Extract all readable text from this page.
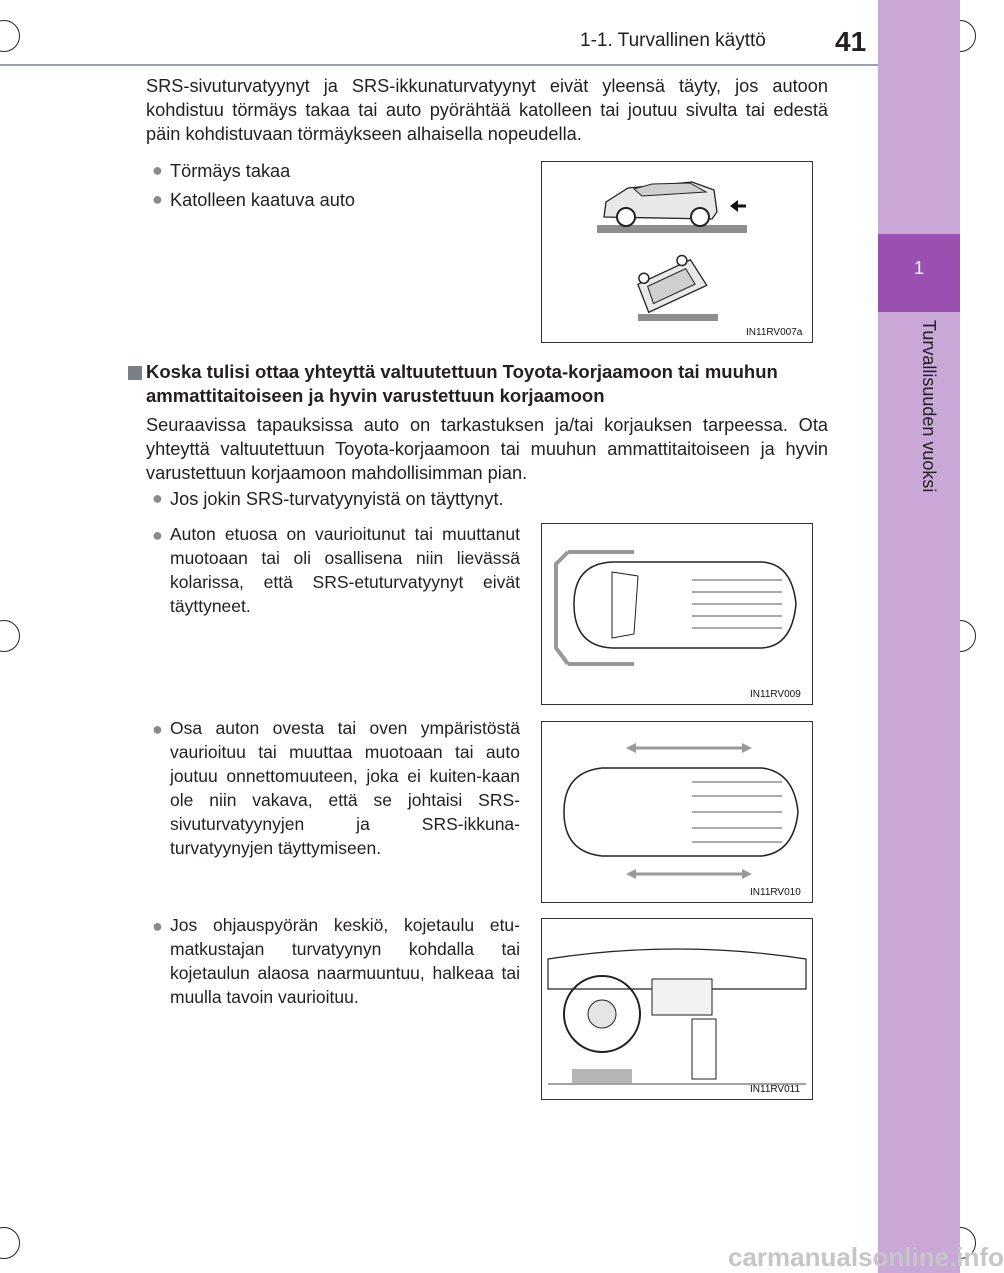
1
Turvallisuuden vuoksi
1-1. Turvallinen käyttö 41

SRS-sivuturvatyynyt ja SRS-ikkunaturvatyynyt eivät yleensä täyty, jos autoon kohdistuu törmäys takaa tai auto pyörähtää katolleen tai joutuu sivulta tai edestä päin kohdistuvaan törmäykseen alhaisella nopeudella.

● Törmäys takaa
● Katolleen kaatuva auto
IN11RV007a

Koska tulisi ottaa yhteyttä valtuutettuun Toyota-korjaamoon tai muuhun ammattitaitoiseen ja hyvin varustettuun korjaamoon

Seuraavissa tapauksissa auto on tarkastuksen ja/tai korjauksen tarpeessa. Ota yhteyttä valtuutettuun Toyota-korjaamoon tai muuhun ammattitaitoiseen ja hyvin varustettuun korjaamoon mahdollisimman pian.

● Jos jokin SRS-turvatyynyistä on täyttynyt.
● Auton etuosa on vaurioitunut tai muuttanut muotoaan tai oli osallisena niin lievässä kolarissa, että SRS-etuturvatyynyt eivät täyttyneet.

IN11RV009
● Osa auton ovesta tai oven ympäristöstä vaurioituu tai muuttaa muotoaan tai auto joutuu onnettomuuteen, joka ei kuiten-kaan ole niin vakava, että se johtaisi SRS-sivuturvatyynyjen ja SRS-ikkuna-turvatyynyjen täyttymiseen.

IN11RV010
● Jos ohjauspyörän keskiö, kojetaulu etu-matkustajan turvatyynyn kohdalla tai kojetaulun alaosa naarmuuntuu, halkeaa tai muulla tavoin vaurioituu.

IN11RV011
carmanualsonline.info
